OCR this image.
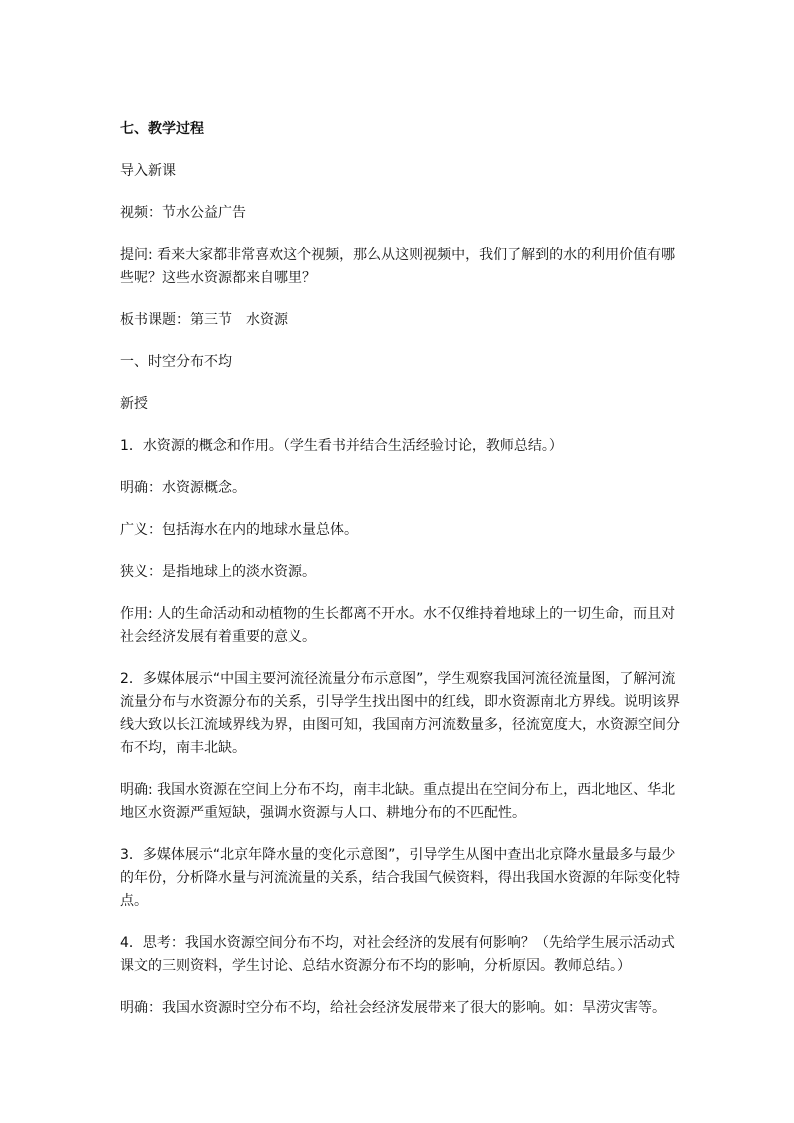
七、教学过程

导入新课

视频：节水公益广告

提问: 看来大家都非常喜欢这个视频，那么从这则视频中，我们了解到的水的利用价值有哪些呢？这些水资源都来自哪里？

板书课题：第三节　水资源

一、时空分布不均

新授

1．水资源的概念和作用。（学生看书并结合生活经验讨论，教师总结。）

明确：水资源概念。

广义：包括海水在内的地球水量总体。

狭义：是指地球上的淡水资源。

作用: 人的生命活动和动植物的生长都离不开水。水不仅维持着地球上的一切生命，而且对社会经济发展有着重要的意义。

2．多媒体展示“中国主要河流径流量分布示意图”，学生观察我国河流径流量图，了解河流流量分布与水资源分布的关系，引导学生找出图中的红线，即水资源南北方界线。说明该界线大致以长江流域界线为界，由图可知，我国南方河流数量多，径流宽度大，水资源空间分布不均，南丰北缺。

明确: 我国水资源在空间上分布不均，南丰北缺。重点提出在空间分布上，西北地区、华北地区水资源严重短缺，强调水资源与人口、耕地分布的不匹配性。

3．多媒体展示“北京年降水量的变化示意图”，引导学生从图中查出北京降水量最多与最少的年份，分析降水量与河流流量的关系，结合我国气候资料，得出我国水资源的年际变化特点。

4．思考：我国水资源空间分布不均，对社会经济的发展有何影响？（先给学生展示活动式课文的三则资料，学生讨论、总结水资源分布不均的影响，分析原因。教师总结。）

明确：我国水资源时空分布不均，给社会经济发展带来了很大的影响。如：旱涝灾害等。
